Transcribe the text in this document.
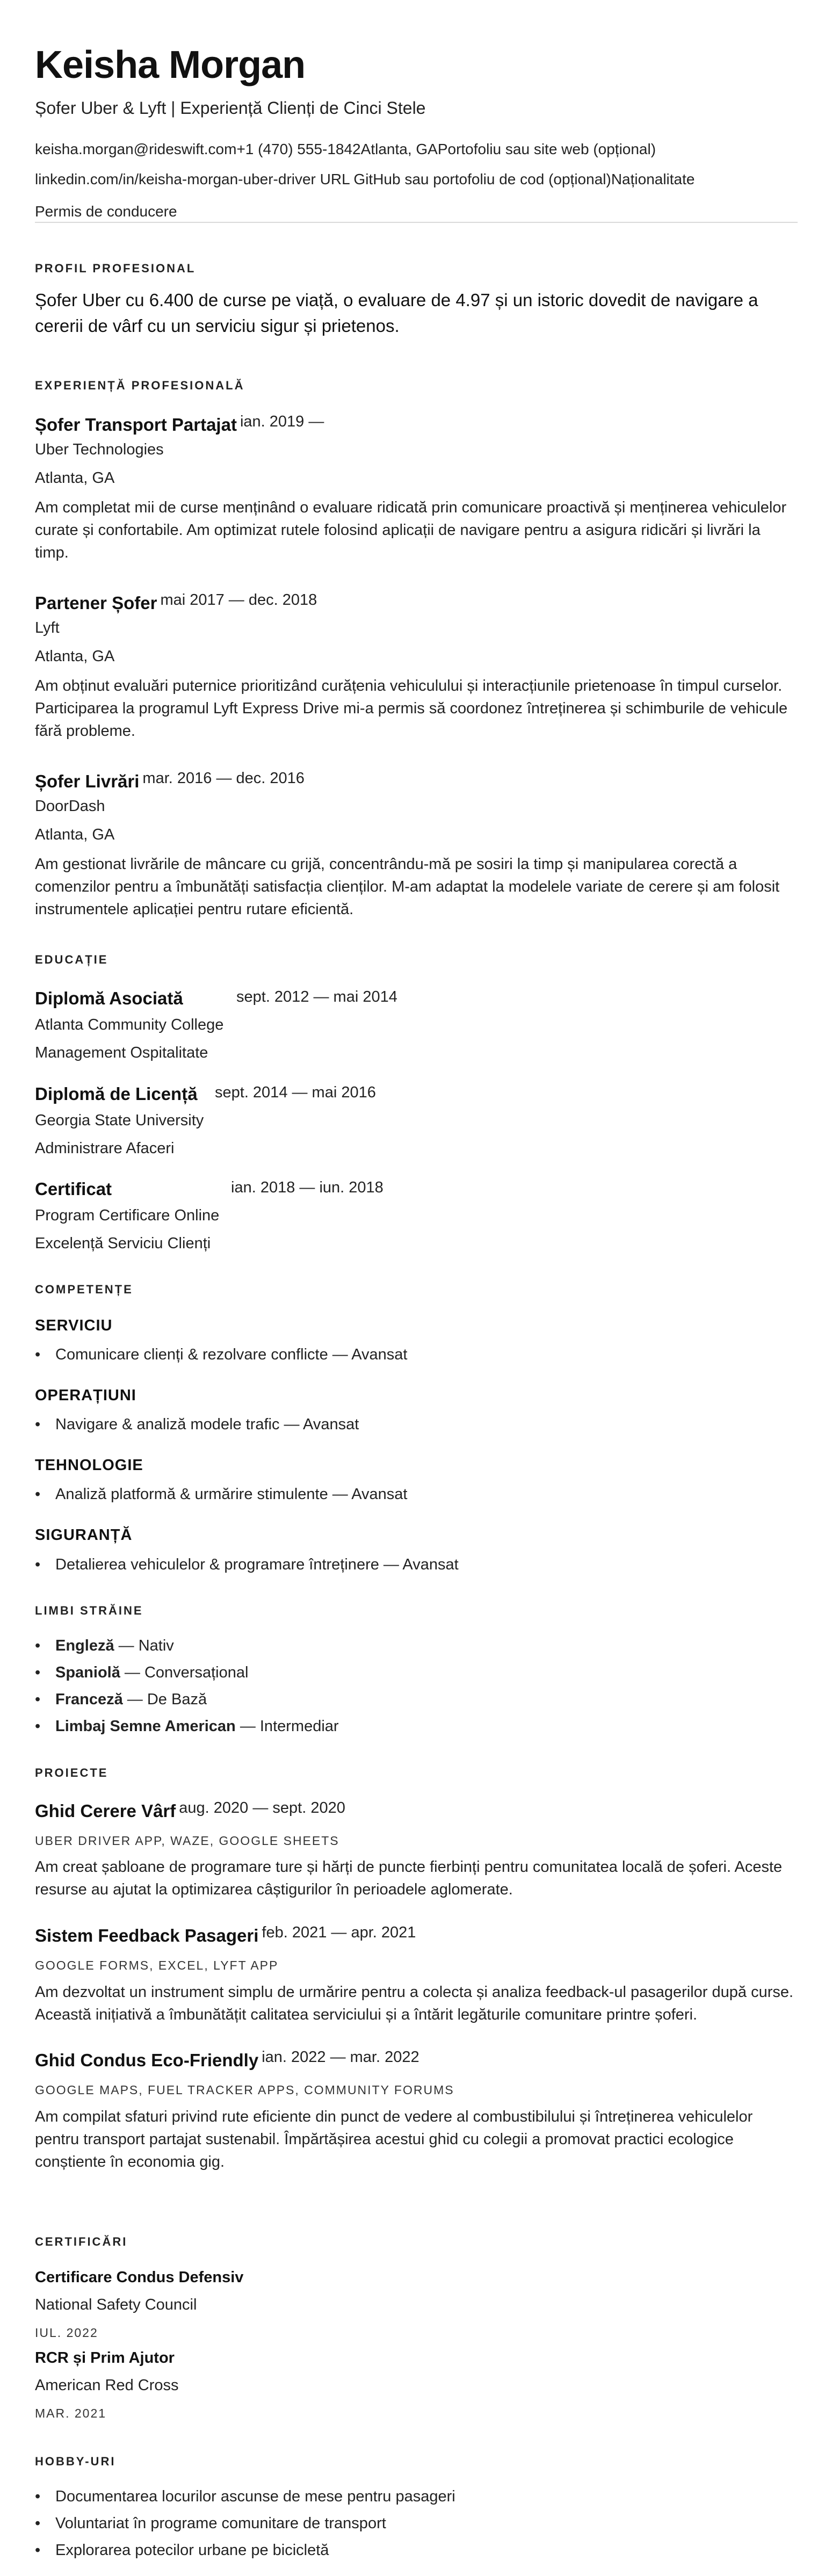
Keisha Morgan
Șofer Uber & Lyft | Experiență Clienți de Cinci Stele
keisha.morgan@rideswift.com+1 (470) 555-1842Atlanta, GAPortofoliu sau site web (opțional)
linkedin.com/in/keisha-morgan-uber-driver URL GitHub sau portofoliu de cod (opțional)Naționalitate
Permis de conducere
PROFIL PROFESIONAL
Șofer Uber cu 6.400 de curse pe viață, o evaluare de 4.97 și un istoric dovedit de navigare a cererii de vârf cu un serviciu sigur și prietenos.
EXPERIENȚĂ PROFESIONALĂ
Șofer Transport Partajat ian. 2019 —
Uber Technologies
Atlanta, GA
Am completat mii de curse menținând o evaluare ridicată prin comunicare proactivă și menținerea vehiculelor curate și confortabile. Am optimizat rutele folosind aplicații de navigare pentru a asigura ridicări și livrări la timp.
Partener Șofer mai 2017 — dec. 2018
Lyft
Atlanta, GA
Am obținut evaluări puternice prioritizând curățenia vehiculului și interacțiunile prietenoase în timpul curselor. Participarea la programul Lyft Express Drive mi-a permis să coordonez întreținerea și schimburile de vehicule fără probleme.
Șofer Livrări mar. 2016 — dec. 2016
DoorDash
Atlanta, GA
Am gestionat livrările de mâncare cu grijă, concentrându-mă pe sosiri la timp și manipularea corectă a comenzilor pentru a îmbunătăți satisfacția clienților. M-am adaptat la modelele variate de cerere și am folosit instrumentele aplicației pentru rutare eficientă.
EDUCAȚIE
Diplomă Asociată	sept. 2012 — mai 2014
Atlanta Community College
Management Ospitalitate
Diplomă de Licență sept. 2014 — mai 2016
Georgia State University
Administrare Afaceri
Certificat	ian. 2018 — iun. 2018
Program Certificare Online
Excelență Serviciu Clienți
COMPETENȚE
SERVICIU
• Comunicare clienți & rezolvare conflicte — Avansat
OPERAȚIUNI
• Navigare & analiză modele trafic — Avansat
TEHNOLOGIE
• Analiză platformă & urmărire stimulente — Avansat
SIGURANȚĂ
• Detalierea vehiculelor & programare întreținere — Avansat
LIMBI STRĂINE
• Engleză — Nativ
• Spaniolă — Conversațional
• Franceză — De Bază
• Limbaj Semne American — Intermediar
PROIECTE
Ghid Cerere Vârf aug. 2020 — sept. 2020
UBER DRIVER APP, WAZE, GOOGLE SHEETS
Am creat șabloane de programare ture și hărți de puncte fierbinți pentru comunitatea locală de șoferi. Aceste resurse au ajutat la optimizarea câștigurilor în perioadele aglomerate.
Sistem Feedback Pasageri feb. 2021 — apr. 2021
GOOGLE FORMS, EXCEL, LYFT APP
Am dezvoltat un instrument simplu de urmărire pentru a colecta și analiza feedback-ul pasagerilor după curse. Această inițiativă a îmbunătățit calitatea serviciului și a întărit legăturile comunitare printre șoferi.
Ghid Condus Eco-Friendly ian. 2022 — mar. 2022
GOOGLE MAPS, FUEL TRACKER APPS, COMMUNITY FORUMS
Am compilat sfaturi privind rute eficiente din punct de vedere al combustibilului și întreținerea vehiculelor pentru transport partajat sustenabil. Împărtășirea acestui ghid cu colegii a promovat practici ecologice conștiente în economia gig.
CERTIFICĂRI
Certificare Condus Defensiv
National Safety Council
IUL. 2022
RCR și Prim Ajutor
American Red Cross
MAR. 2021
HOBBY-URI
• Documentarea locurilor ascunse de mese pentru pasageri
• Voluntariat în programe comunitare de transport
• Explorarea potecilor urbane pe bicicletă
